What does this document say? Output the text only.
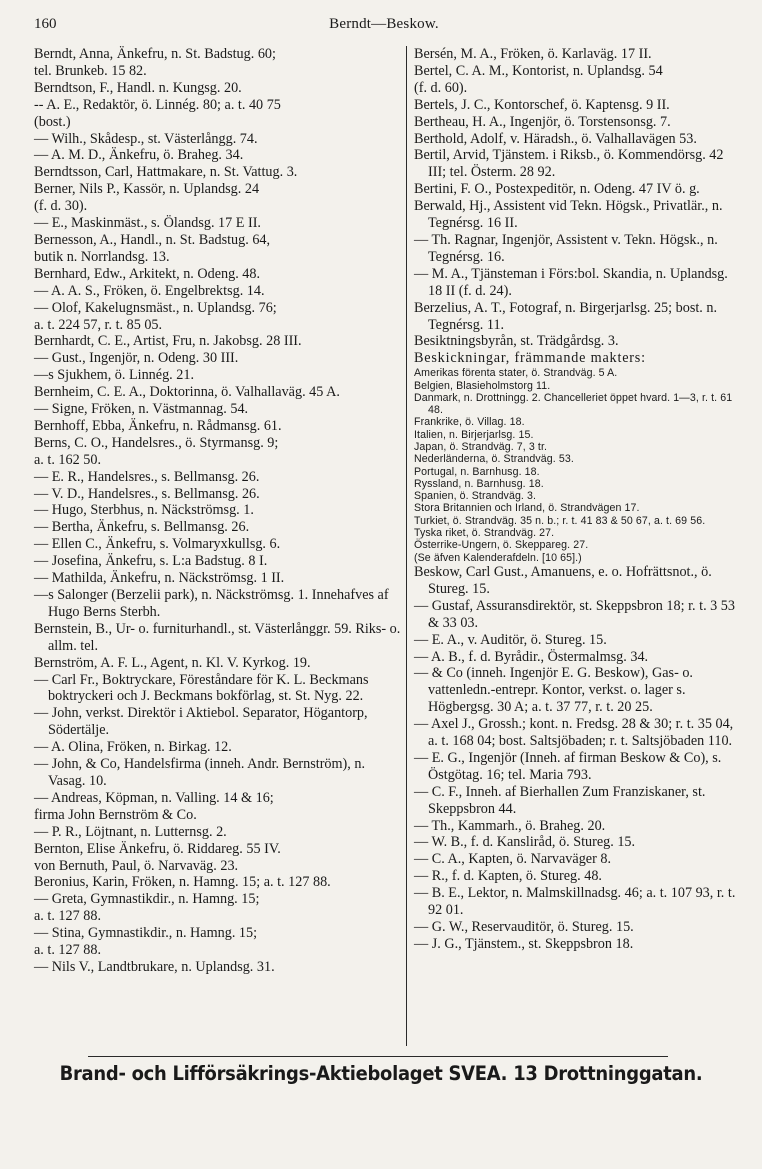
160	Berndt—Beskow.

Berndt, Anna, Änkefru, n. St. Badstug. 60;

tel. Brunkeb. 15 82.

Berndtson, F., Handl. n. Kungsg. 20.

-- A. E., Redaktör, ö. Linnég. 80; a. t. 40 75

(bost.)

— Wilh., Skådesp., st. Västerlångg. 74.

— A. M. D., Änkefru, ö. Braheg. 34.

Berndtsson, Carl, Hattmakare, n. St. Vattug. 3.

Berner, Nils P., Kassör, n. Uplandsg. 24

(f. d. 30).

— E., Maskinmäst., s. Ölandsg. 17 E II.

Bernesson, A., Handl., n. St. Badstug. 64,

butik n. Norrlandsg. 13.

Bernhard, Edw., Arkitekt, n. Odeng. 48.

— A. A. S., Fröken, ö. Engelbrektsg. 14.

— Olof, Kakelugnsmäst., n. Uplandsg. 76;

a. t. 224 57, r. t. 85 05.

Bernhardt, C. E., Artist, Fru, n. Jakobsg. 28 III.

— Gust., Ingenjör, n. Odeng. 30 III.

—s Sjukhem, ö. Linnég. 21.

Bernheim, C. E. A., Doktorinna, ö. Valhallaväg. 45 A.

— Signe, Fröken, n. Västmannag. 54.

Bernhoff, Ebba, Änkefru, n. Rådmansg. 61.

Berns, C. O., Handelsres., ö. Styrmansg. 9;

a. t. 162 50.

— E. R., Handelsres., s. Bellmansg. 26.

— V. D., Handelsres., s. Bellmansg. 26.

— Hugo, Sterbhus, n. Näckströmsg. 1.

— Bertha, Änkefru, s. Bellmansg. 26.

— Ellen C., Änkefru, s. Volmaryxkullsg. 6.

— Josefina, Änkefru, s. L:a Badstug. 8 I.

— Mathilda, Änkefru, n. Näckströmsg. 1 II.

—s Salonger (Berzelii park), n. Näckströmsg. 1. Innehafves af Hugo Berns Sterbh.

Bernstein, B., Ur- o. furniturhandl., st. Västerlånggr. 59. Riks- o. allm. tel.

Bernström, A. F. L., Agent, n. Kl. V. Kyrkog. 19.

— Carl Fr., Boktryckare, Föreståndare för K. L. Beckmans boktryckeri och J. Beckmans bokförlag, st. St. Nyg. 22.

— John, verkst. Direktör i Aktiebol. Separator, Högantorp, Södertälje.

— A. Olina, Fröken, n. Birkag. 12.

— John, & Co, Handelsfirma (inneh. Andr. Bernström), n. Vasag. 10.

— Andreas, Köpman, n. Valling. 14 & 16;

firma John Bernström & Co.

— P. R., Löjtnant, n. Lutternsg. 2.

Bernton, Elise Änkefru, ö. Riddareg. 55 IV.

von Bernuth, Paul, ö. Narvaväg. 23.

Beronius, Karin, Fröken, n. Hamng. 15; a. t. 127 88.

— Greta, Gymnastikdir., n. Hamng. 15;

a. t. 127 88.

— Stina, Gymnastikdir., n. Hamng. 15;

a. t. 127 88.

— Nils V., Landtbrukare, n. Uplandsg. 31.

Bersén, M. A., Fröken, ö. Karlaväg. 17 II.

Bertel, C. A. M., Kontorist, n. Uplandsg. 54

(f. d. 60).

Bertels, J. C., Kontorschef, ö. Kaptensg. 9 II.

Bertheau, H. A., Ingenjör, ö. Torstensonsg. 7.

Berthold, Adolf, v. Häradsh., ö. Valhallavägen 53.

Bertil, Arvid, Tjänstem. i Riksb., ö. Kommendörsg. 42 III; tel. Österm. 28 92.

Bertini, F. O., Postexpeditör, n. Odeng. 47 IV ö. g.

Berwald, Hj., Assistent vid Tekn. Högsk., Privatlär., n. Tegnérsg. 16 II.

— Th. Ragnar, Ingenjör, Assistent v. Tekn. Högsk., n. Tegnérsg. 16.

— M. A., Tjänsteman i Förs:bol. Skandia, n. Uplandsg. 18 II (f. d. 24).

Berzelius, A. T., Fotograf, n. Birgerjarlsg. 25; bost. n. Tegnérsg. 11.

Besiktningsbyrån, st. Trädgårdsg. 3.

Beskickningar, främmande makters:

Amerikas förenta stater, ö. Strandväg. 5 A.

Belgien, Blasieholmstorg 11.

Danmark, n. Drottningg. 2. Chancelleriet öppet hvard. 1—3, r. t. 61 48.

Frankrike, ö. Villag. 18.

Italien, n. Birjerjarlsg. 15.

Japan, ö. Strandväg. 7, 3 tr.

Nederländerna, ö. Strandväg. 53.

Portugal, n. Barnhusg. 18.

Ryssland, n. Barnhusg. 18.

Spanien, ö. Strandväg. 3.

Stora Britannien och Irland, ö. Strandvägen 17.

Turkiet, ö. Strandväg. 35 n. b.; r. t. 41 83 & 50 67, a. t. 69 56.

Tyska riket, ö. Strandväg. 27.

Österrike-Ungern, ö. Skeppareg. 27.

(Se äfven Kalenderafdeln. [10 65].)

Beskow, Carl Gust., Amanuens, e. o. Hofrättsnot., ö. Stureg. 15.

— Gustaf, Assuransdirektör, st. Skeppsbron 18; r. t. 3 53 & 33 03.

— E. A., v. Auditör, ö. Stureg. 15.

— A. B., f. d. Byrådir., Östermalmsg. 34.

— & Co (inneh. Ingenjör E. G. Beskow), Gas- o. vattenledn.-entrepr. Kontor, verkst. o. lager s. Högbergsg. 30 A; a. t. 37 77, r. t. 20 25.

— Axel J., Grossh.; kont. n. Fredsg. 28 & 30; r. t. 35 04, a. t. 168 04; bost. Saltsjöbaden; r. t. Saltsjöbaden 110.

— E. G., Ingenjör (Inneh. af firman Beskow & Co), s. Östgötag. 16; tel. Maria 793.

— C. F., Inneh. af Bierhallen Zum Franziskaner, st. Skeppsbron 44.

— Th., Kammarh., ö. Braheg. 20.

— W. B., f. d. Kansliråd, ö. Stureg. 15.

— C. A., Kapten, ö. Narvaväger 8.

— R., f. d. Kapten, ö. Stureg. 48.

— B. E., Lektor, n. Malmskillnadsg. 46; a. t. 107 93, r. t. 92 01.

— G. W., Reservauditör, ö. Stureg. 15.

— J. G., Tjänstem., st. Skeppsbron 18.

Brand- och Lifförsäkrings-Aktiebolaget SVEA. 13 Drottninggatan.
